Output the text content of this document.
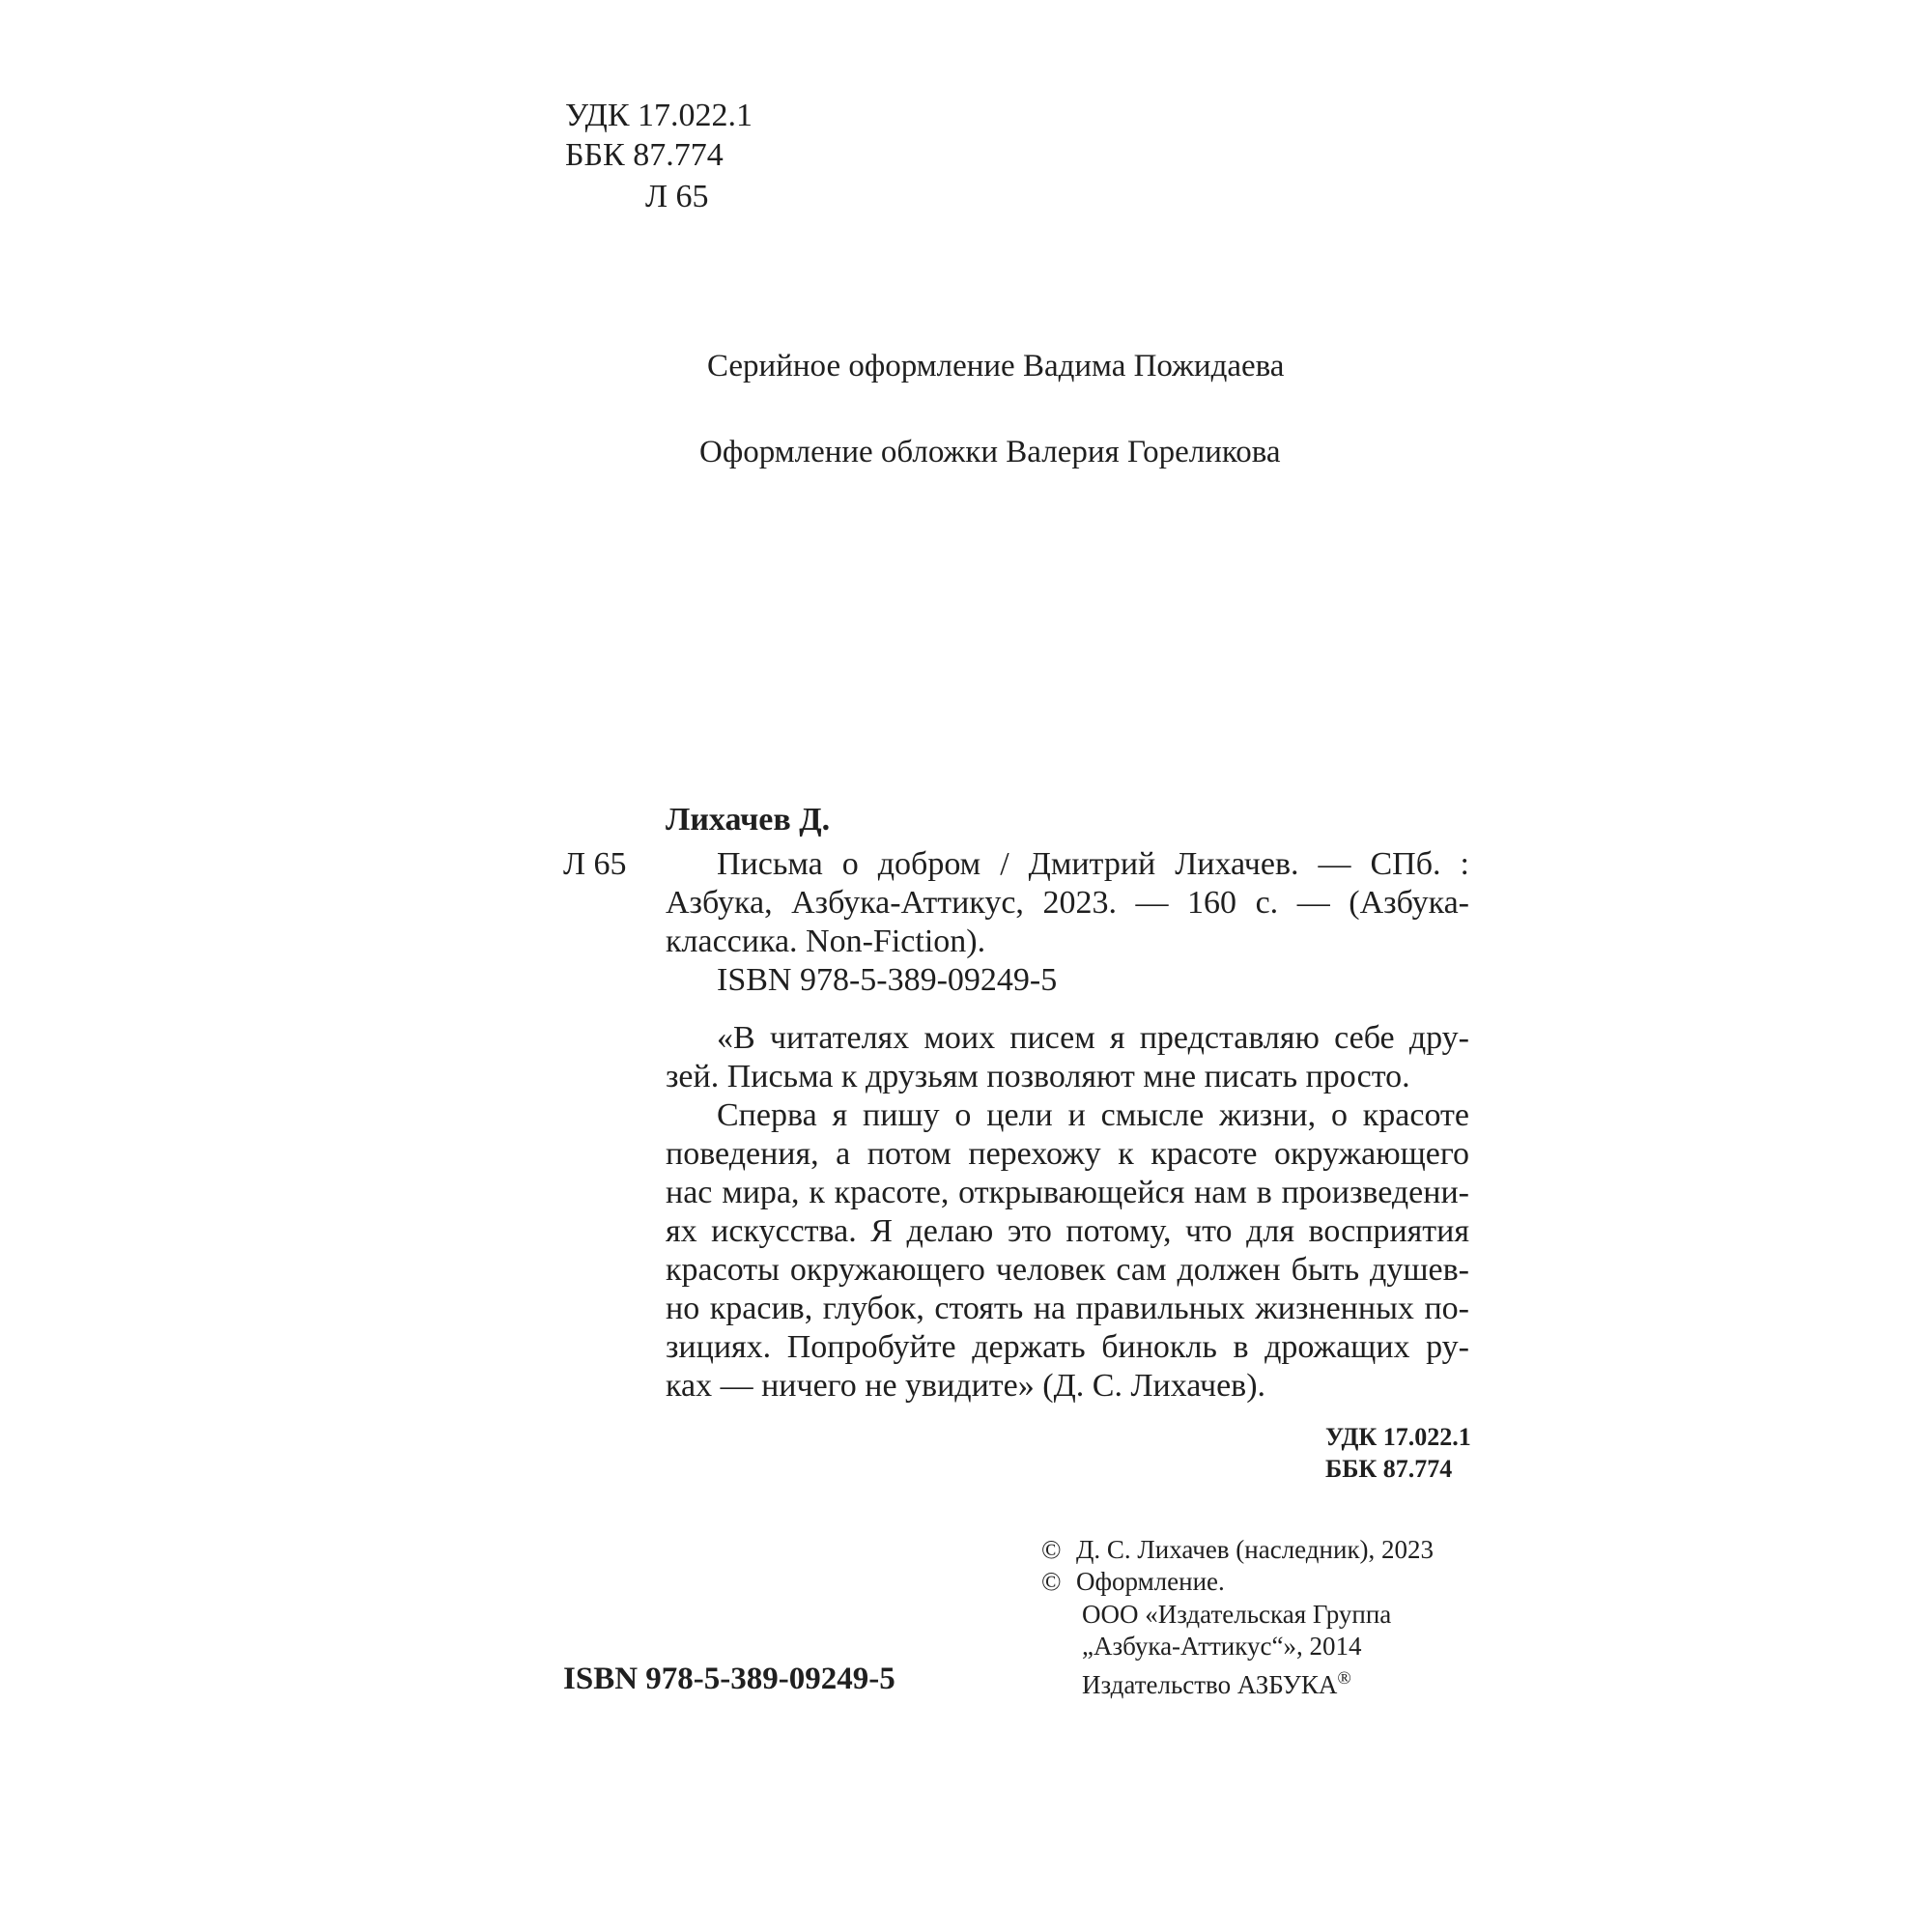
УДК 17.022.1
ББК 87.774
Л 65
Серийное оформление Вадима Пожидаева
Оформление обложки Валерия Гореликова
Лихачев Д.
Л 65	Письма о добром / Дмитрий Лихачев. — СПб. :
Азбука, Азбука-Аттикус, 2023. — 160 с. — (Азбука-
классика. Non-Fiction).
ISBN 978-5-389-09249-5
«В читателях моих писем я представляю себе дру-
зей. Письма к друзьям позволяют мне писать просто.
Сперва я пишу о цели и смысле жизни, о красоте
поведения, а потом перехожу к красоте окружающего
нас мира, к красоте, открывающейся нам в произведени-
ях искусства. Я делаю это потому, что для восприятия
красоты окружающего человек сам должен быть душев-
но красив, глубок, стоять на правильных жизненных по-
зициях. Попробуйте держать бинокль в дрожащих ру-
ках — ничего не увидите» (Д. С. Лихачев).
УДК 17.022.1
ББК 87.774
© Д. С. Лихачев (наследник), 2023
© Оформление.
ООО «Издательская Группа
„Азбука-Аттикус“», 2014
Издательство АЗБУКА®
ISBN 978-5-389-09249-5
